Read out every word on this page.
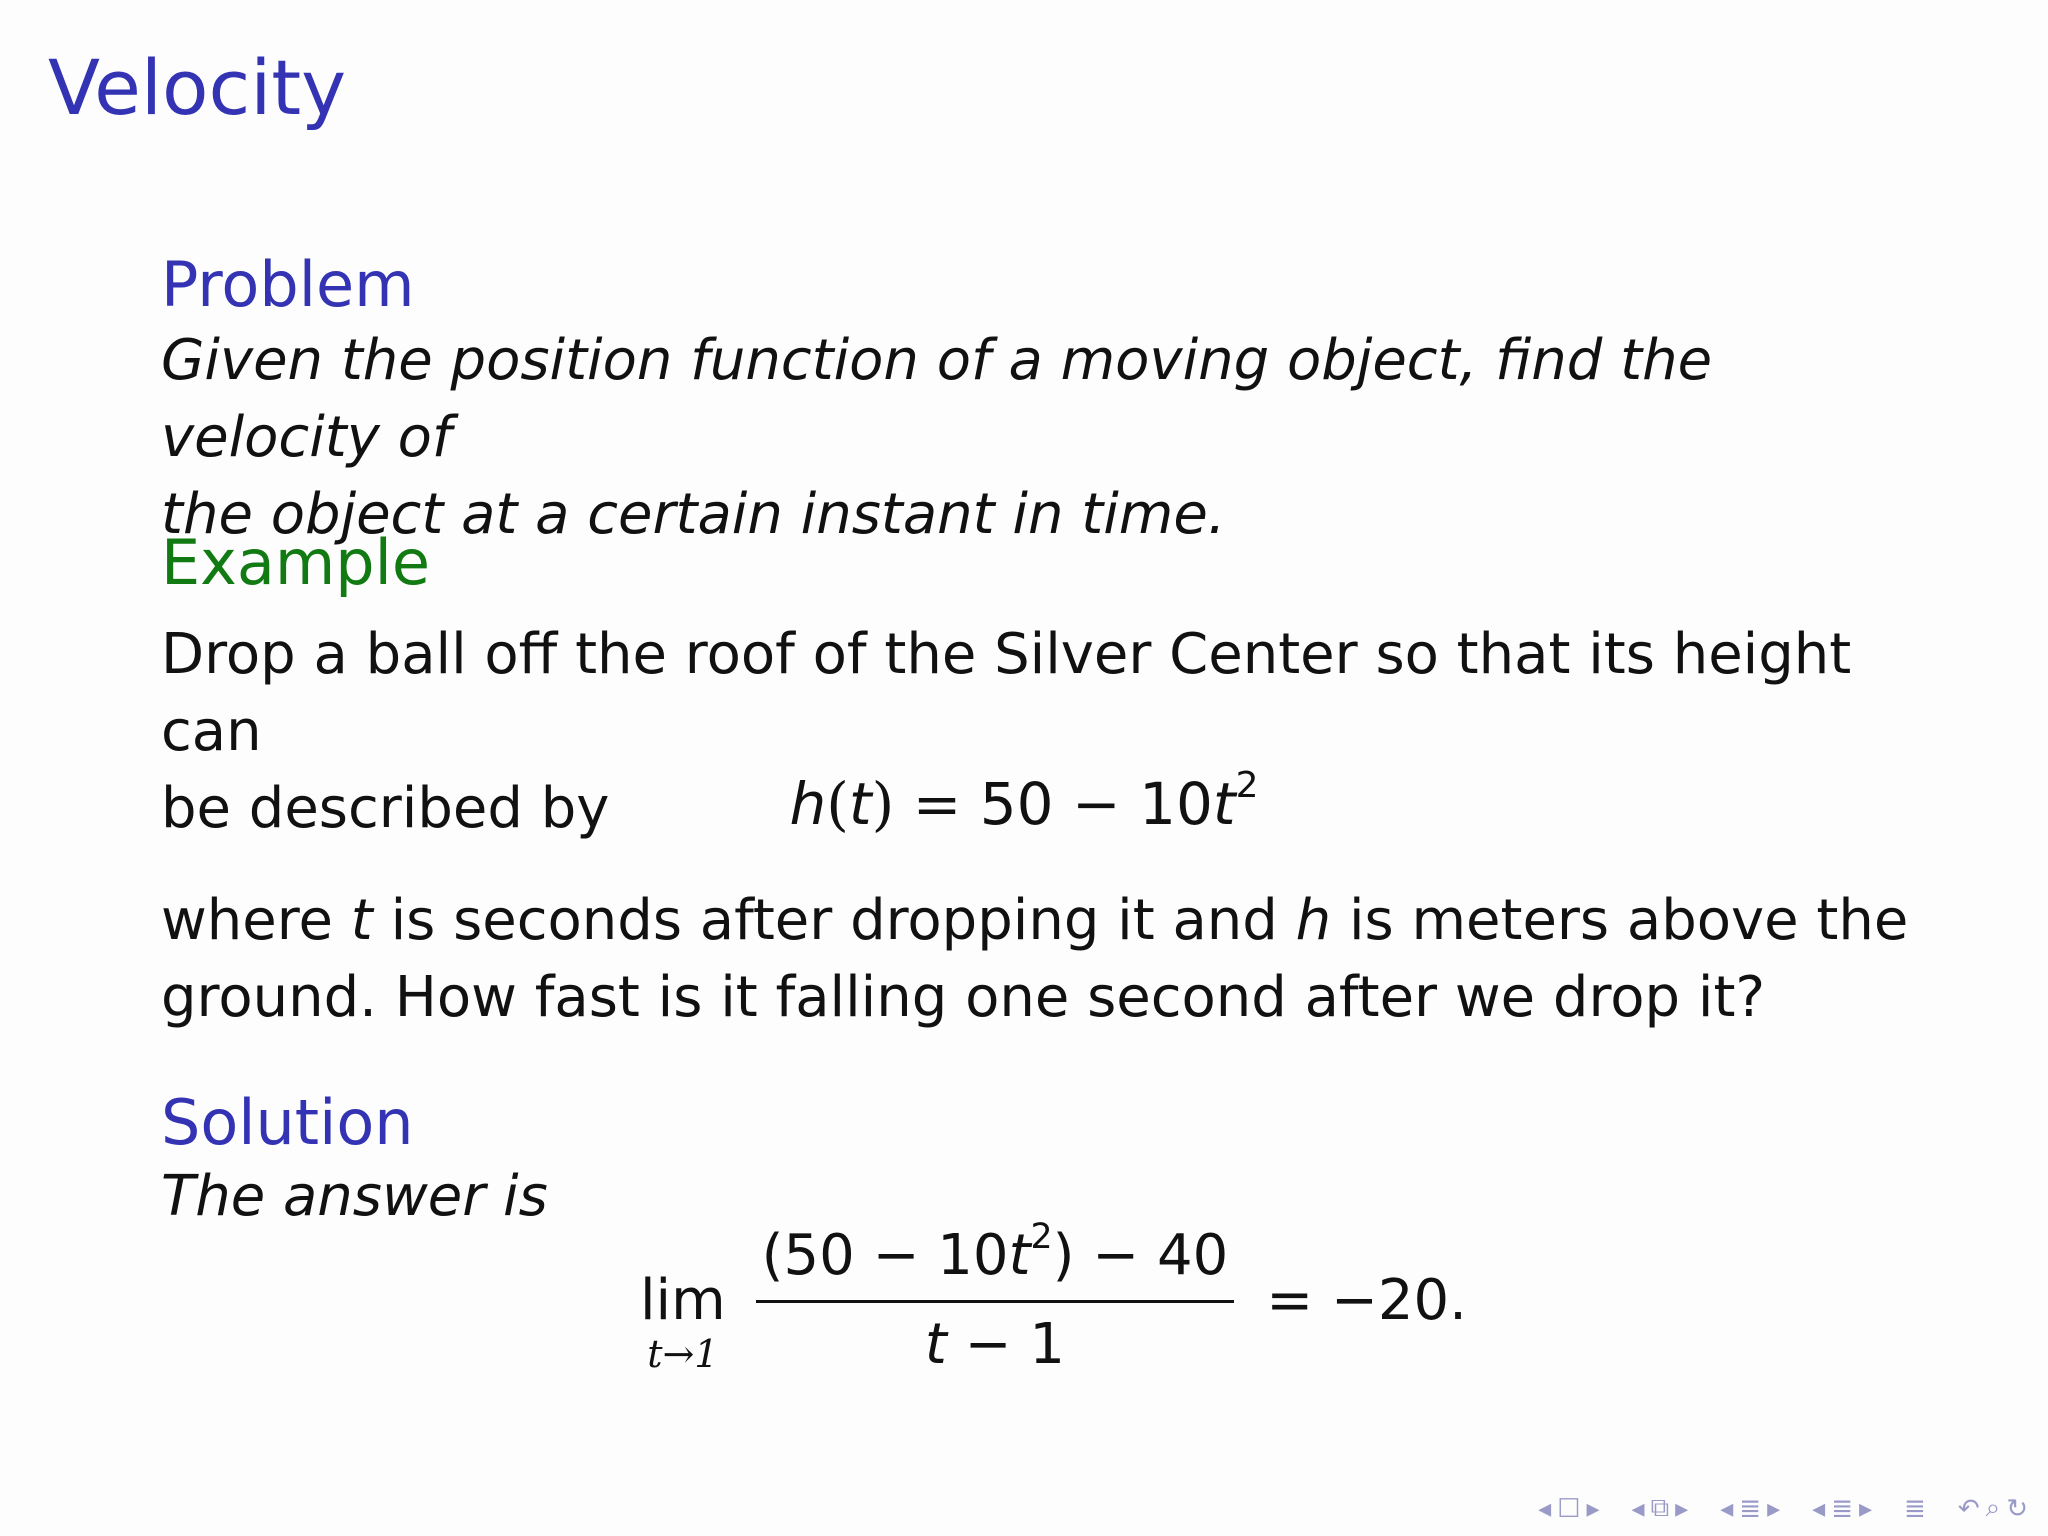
Velocity
Problem
Given the position function of a moving object, find the velocity of
the object at a certain instant in time.
Example
Drop a ball off the roof of the Silver Center so that its height can
be described by	$h(t) = 50 - 10t^2$
where t is seconds after dropping it and h is meters above the
ground. How fast is it falling one second after we drop it?
Solution
The answer is
lim
$t\to 1 \frac{(50 - 10t^2) - 40}{t - 1} = -20$.
◂ ☐ ▸ ◂ ⧉ ▸ ◂ ≣ ▸ ◂ ≣ ▸ ≣ ↶ ⌕ ↻
